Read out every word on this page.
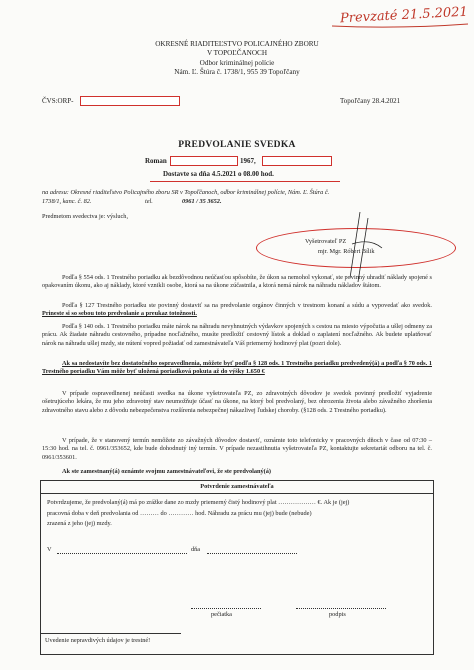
Prevzaté 21.5.2021
OKRESNÉ RIADITEĽSTVO POLICAJNÉHO ZBORU
V TOPOĽČANOCH
Odbor kriminálnej polície
Nám. Ľ. Štúra č. 1738/1, 955 39 Topoľčany
ČVS:ORP-	Topoľčany 28.4.2021
PREDVOLANIE SVEDKA
Roman	1967,
Dostavte sa dňa 4.5.2021 o 08.00 hod.
na adresu: Okresné riaditeľstvo Policajného zboru SR v Topoľčanoch, odbor kriminálnej polície, Nám. Ľ. Štúra č.
1738/1, kanc. č. 82.	tel.	0961 / 35 3652.
Predmetom svedectva je: výsluch,
Vyšetrovateľ PZ
mjr. Mgr. Róbert Bílik
Podľa § 554 ods. 1 Trestného poriadku ak bezdôvodnou neúčasťou spôsobíte, že úkon sa nemohol vykonať, ste povinný uhradiť náklady spojené s opakovaním úkonu, ako aj náklady, ktoré vznikli osobe, ktorá sa na úkone zúčastnila, a ktorá nemá nárok na náhradu nákladov štátom.
Podľa § 127 Trestného poriadku ste povinný dostaviť sa na predvolanie orgánov činných v trestnom konaní a súdu a vypovedať ako svedok. Prineste si so sebou toto predvolanie a preukaz totožnosti.
Podľa § 140 ods. 1 Trestného poriadku máte nárok na náhradu nevyhnutných výdavkov spojených s cestou na miesto výpočutia a ušlej odmeny za prácu. Ak žiadate náhradu cestovného, prípadne nocľažného, musíte predložiť cestovný lístok a doklad o zaplatení nocľažného. Ak budete uplatňovať nárok na náhradu ušlej mzdy, ste nútení vopred požiadať od zamestnávateľa Váš priemerný hodinový plat (pozri dole).
Ak sa nedostavíte bez dostatočného ospravedlnenia, môžete byť podľa § 128 ods. 1 Trestného poriadku predvedený(á) a podľa § 70 ods. 1 Trestného poriadku Vám môže byť uložená poriadková pokuta až do výšky 1.650 €
V prípade ospravedlnenej neúčasti svedka na úkone vyšetrovateľa PZ, zo zdravotných dôvodov je svedok povinný predložiť vyjadrenie ošetrujúceho lekára, že mu jeho zdravotný stav neumožňuje účasť na úkone, na ktorý bol predvolaný, bez ohrozenia života alebo závažného zhoršenia zdravotného stavu alebo z dôvodu nebezpečenstva rozšírenia nebezpečnej nákazlivej ľudskej choroby. (§128 ods. 2 Trestného poriadku).
V prípade, že v stanovený termín nemôžete zo závažných dôvodov dostaviť, oznámte toto telefonicky v pracovných dňoch v čase od 07:30 – 15:30 hod. na tel. č. 0961/353652, kde bude dohodnutý iný termín. V prípade nezastihnutia vyšetrovateľa PZ, kontaktujte sekretariát odboru na tel. č. 0961/353601.
Ak ste zamestnaný(á) oznámte svojmu zamestnávateľovi, že ste predvolaný(á)
Potvrdenie zamestnávateľa
Potvrdzujeme, že predvolaný(á) má po zrážke dane zo mzdy priemerný čistý hodinový plat ……………… €. Ak je (jej)
pracovná doba v deň predvolania od ……… do ………… hod. Náhradu za prácu mu (jej) bude (nebude)
zrazená z jeho (jej) mzdy.
V	dňa
pečiatka	podpis
Uvedenie nepravdivých údajov je trestné!
